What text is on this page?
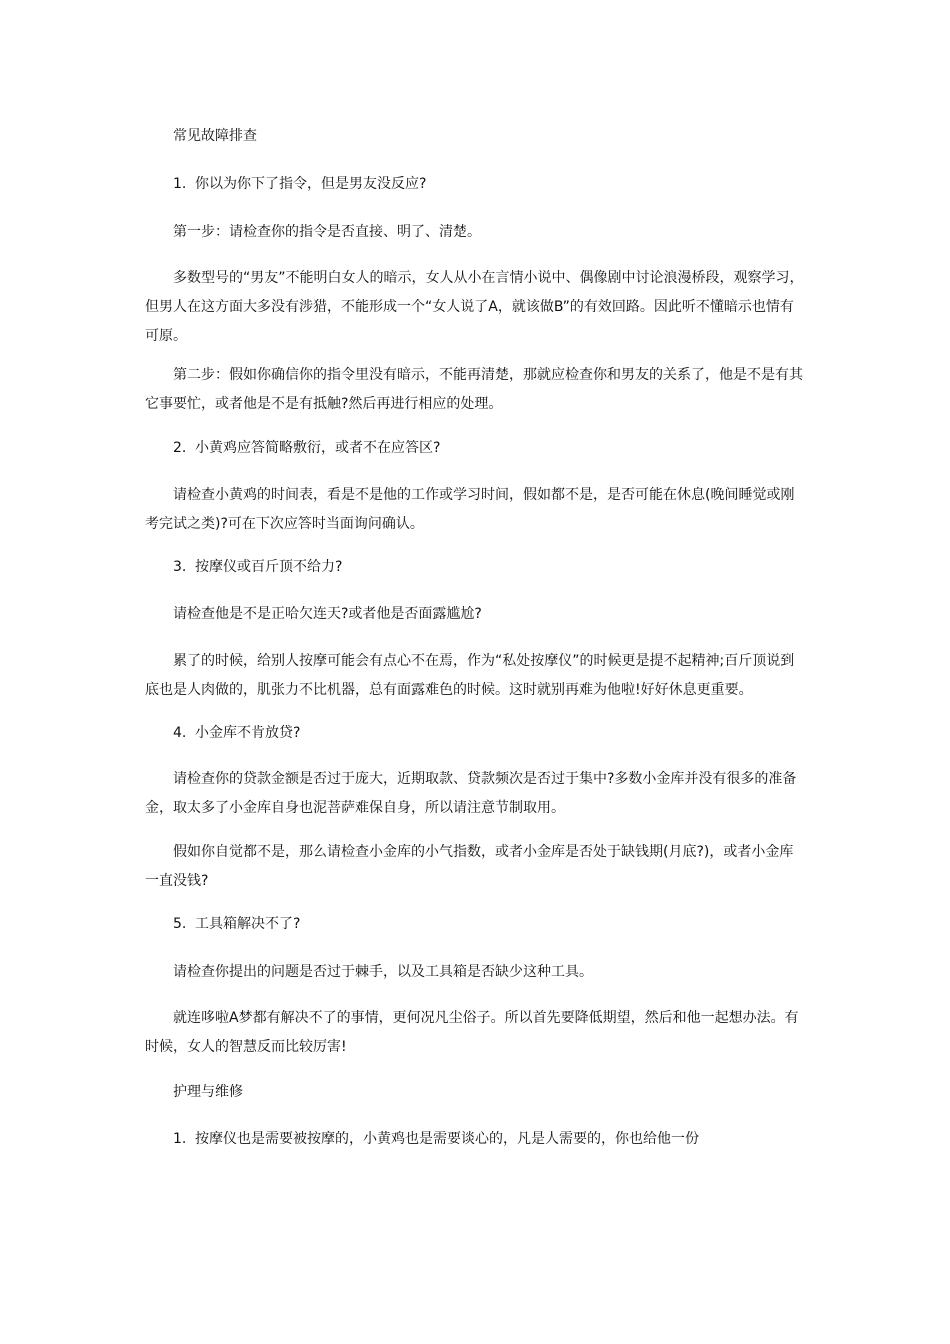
常见故障排查
1. 你以为你下了指令，但是男友没反应?
第一步：请检查你的指令是否直接、明了、清楚。

多数型号的“男友”不能明白女人的暗示，女人从小在言情小说中、偶像剧中讨论浪漫桥段，观察学习，但男人在这方面大多没有涉猎，不能形成一个“女人说了A，就该做B”的有效回路。因此听不懂暗示也情有可原。

第二步：假如你确信你的指令里没有暗示，不能再清楚，那就应检查你和男友的关系了，他是不是有其它事要忙，或者他是不是有抵触?然后再进行相应的处理。

2. 小黄鸡应答简略敷衍，或者不在应答区?

请检查小黄鸡的时间表，看是不是他的工作或学习时间，假如都不是，是否可能在休息(晚间睡觉或刚考完试之类)?可在下次应答时当面询问确认。

3. 按摩仪或百斤顶不给力?
请检查他是不是正哈欠连天?或者他是否面露尴尬?

累了的时候，给别人按摩可能会有点心不在焉，作为“私处按摩仪”的时候更是提不起精神;百斤顶说到底也是人肉做的，肌张力不比机器，总有面露难色的时候。这时就别再难为他啦!好好休息更重要。

4. 小金库不肯放贷?

请检查你的贷款金额是否过于庞大，近期取款、贷款频次是否过于集中?多数小金库并没有很多的准备金，取太多了小金库自身也泥菩萨难保自身，所以请注意节制取用。

假如你自觉都不是，那么请检查小金库的小气指数，或者小金库是否处于缺钱期(月底?)，或者小金库一直没钱?

5. 工具箱解决不了?
请检查你提出的问题是否过于棘手，以及工具箱是否缺少这种工具。

就连哆啦A梦都有解决不了的事情，更何况凡尘俗子。所以首先要降低期望，然后和他一起想办法。有时候，女人的智慧反而比较厉害!

护理与维修
1. 按摩仪也是需要被按摩的，小黄鸡也是需要谈心的，凡是人需要的，你也给他一份
